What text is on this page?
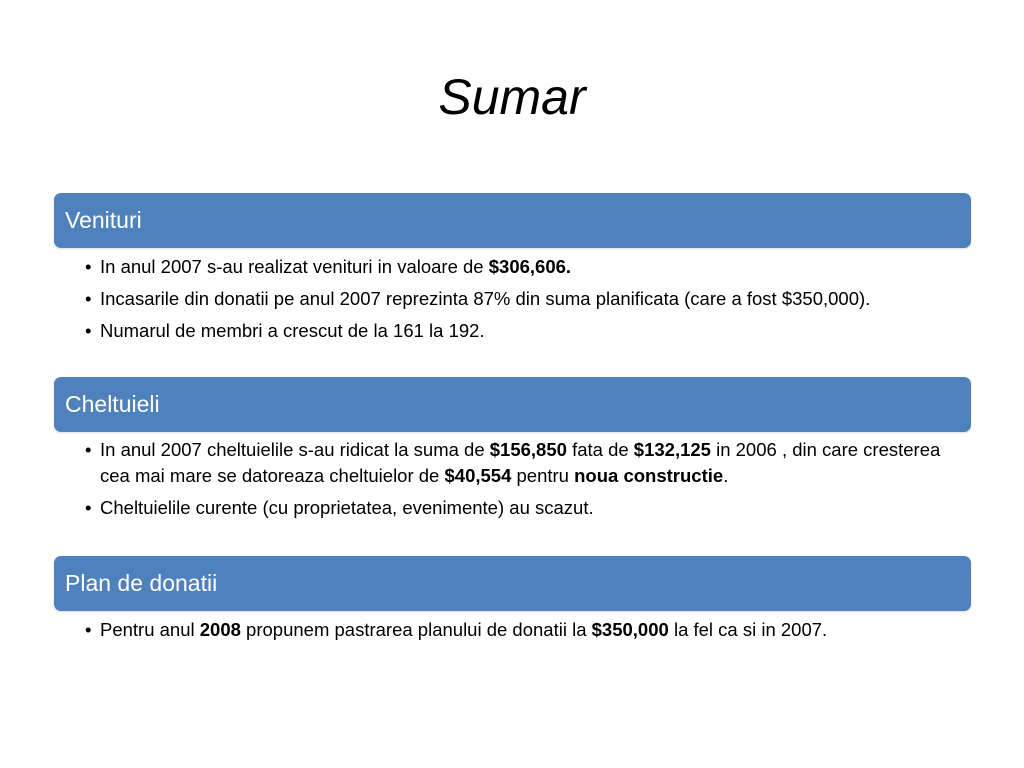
Sumar
Venituri
• In anul 2007 s-au realizat venituri in valoare de $306,606.
• Incasarile din donatii pe anul 2007 reprezinta 87% din suma planificata (care a fost $350,000).
• Numarul de membri a crescut de la 161 la 192.
Cheltuieli
• In anul 2007 cheltuielile s-au ridicat la suma de $156,850 fata de $132,125 in 2006 , din care cresterea cea mai mare se datoreaza cheltuielor de $40,554 pentru noua constructie.
• Cheltuielile curente (cu proprietatea, evenimente) au scazut.
Plan de donatii
• Pentru anul 2008 propunem pastrarea planului de donatii la $350,000 la fel ca si in 2007.
